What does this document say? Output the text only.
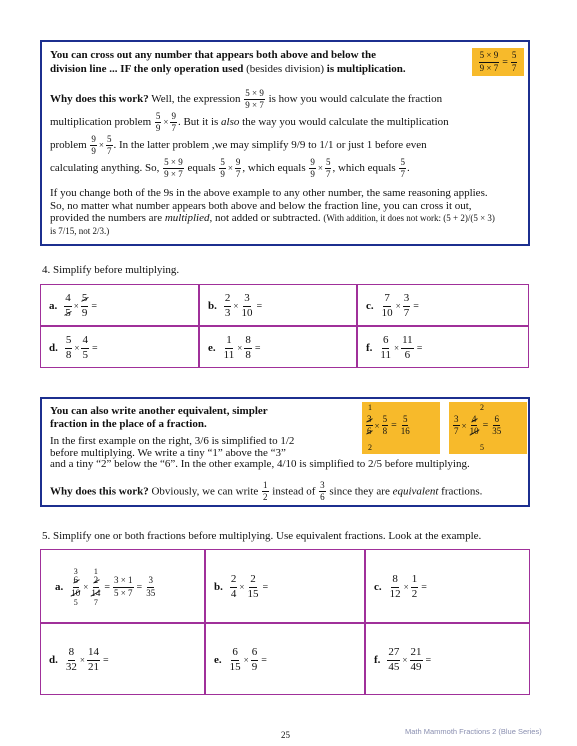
You can cross out any number that appears both above and below the
division line ... IF the only operation used (besides division) is multiplication.	$\frac{5 \times 9}{9 \times 7} = \frac{5}{7}$
Why does this work? Well, the expression $\frac{5 \times 9}{9 \times 7}$ is how you would calculate the fraction
multiplication problem $\frac{5}{9} \times \frac{9}{7}$ . But it is also the way you would calculate the multiplication
problem $\frac{9}{9} \times \frac{5}{7}$ . In the latter problem ,we may simplify 9/9 to 1/1 or just 1 before even
calculating anything. So, $\frac{5 \times 9}{9 \times 7}$ equals $\frac{5}{9} \times \frac{9}{7}$ , which equals $\frac{9}{9} \times \frac{5}{7}$ , which equals $\frac{5}{7}$ .
If you change both of the 9s in the above example to any other number, the same reasoning applies.
So, no matter what number appears both above and below the fraction line, you can cross it out,
provided the numbers are multiplied, not added or subtracted. (With addition, it does not work: (5 + 2)/(5 × 3)
is 7/15, not 2/3.)
4. Simplify before multiplying.
a. $\frac{4}{5} \times \frac{5}{9}$ =	b. $\frac{2}{3} \times \frac{3}{10}$ =	c. $\frac{7}{10} \times \frac{3}{7}$ =
d. $\frac{5}{8} \times \frac{4}{5}$ =	e. $\frac{1}{11} \times \frac{8}{8}$ =	f. $\frac{6}{11} \times \frac{11}{6}$ =
You can also write another equivalent, simpler
fraction in the place of a fraction.
In the first example on the right, 3/6 is simplified to 1/2
before multiplying. We write a tiny “1” above the “3”
and a tiny “2” below the “6”. In the other example, 4/10 is simplified to 2/5 before multiplying.
Why does this work? Obviously, we can write $\frac{1}{2}$ instead of $\frac{3}{6}$ since they are equivalent fractions.
1
$\frac{3}{6} \times \frac{5}{8} = \frac{5}{16}$
2
2
$\frac{3}{7} \times \frac{4}{10} = \frac{6}{35}$
5
5. Simplify one or both fractions before multiplying. Use equivalent fractions. Look at the example.
a.
3
$\frac{6}{10}$
5
×
1
$\frac{2}{14}$
7
= $\frac{3 \times 1}{5 \times 7} = \frac{3}{35}$	b. $\frac{2}{4} \times \frac{2}{15}$ =	c. $\frac{8}{12} \times \frac{1}{2}$ =
d. $\frac{8}{32} \times \frac{14}{21}$ =	e. $\frac{6}{15} \times \frac{6}{9}$ =	f. $\frac{27}{45} \times \frac{21}{49}$ =
25	Math Mammoth Fractions 2 (Blue Series)
